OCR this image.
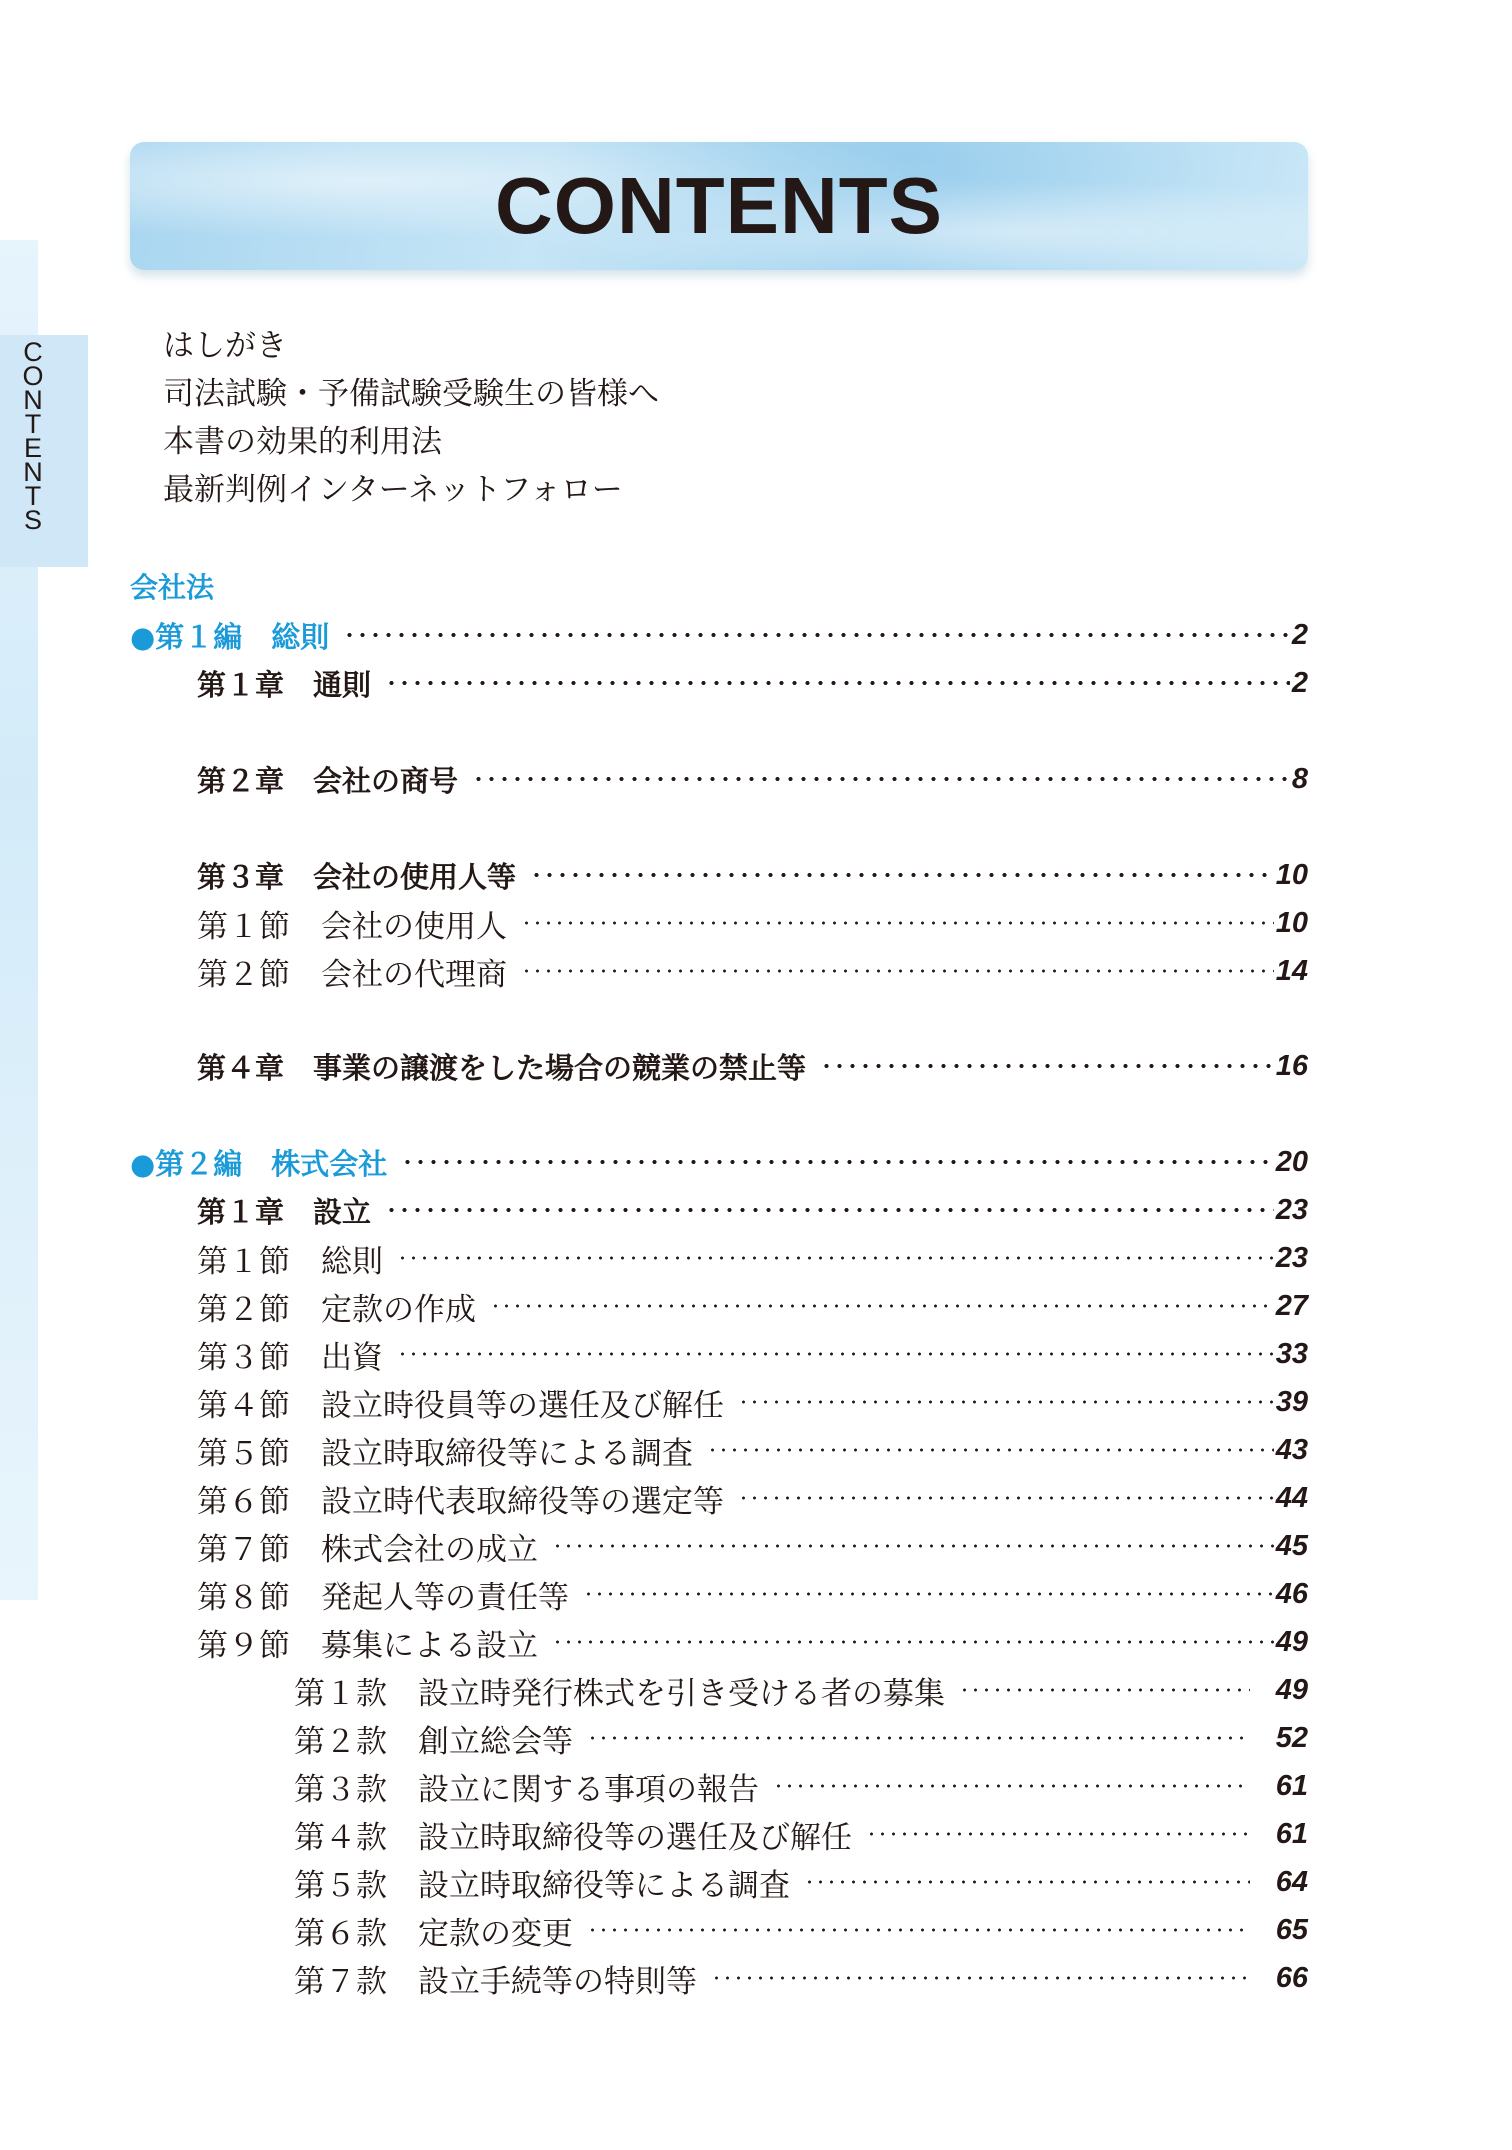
C
O
N
T
E
N
T
S
CONTENTS
はしがき
司法試験・予備試験受験生の皆様へ
本書の効果的利用法
最新判例インターネットフォロー
会社法
●第１編　総則	2
第１章　通則	2
第２章　会社の商号	8
第３章　会社の使用人等	10
第１節　会社の使用人	10
第２節　会社の代理商	14
第４章　事業の譲渡をした場合の競業の禁止等	16
●第２編　株式会社	20
第１章　設立	23
第１節　総則	23
第２節　定款の作成	27
第３節　出資	33
第４節　設立時役員等の選任及び解任	39
第５節　設立時取締役等による調査	43
第６節　設立時代表取締役等の選定等	44
第７節　株式会社の成立	45
第８節　発起人等の責任等	46
第９節　募集による設立	49
第１款　設立時発行株式を引き受ける者の募集	49
第２款　創立総会等	52
第３款　設立に関する事項の報告	61
第４款　設立時取締役等の選任及び解任	61
第５款　設立時取締役等による調査	64
第６款　定款の変更	65
第７款　設立手続等の特則等	66
